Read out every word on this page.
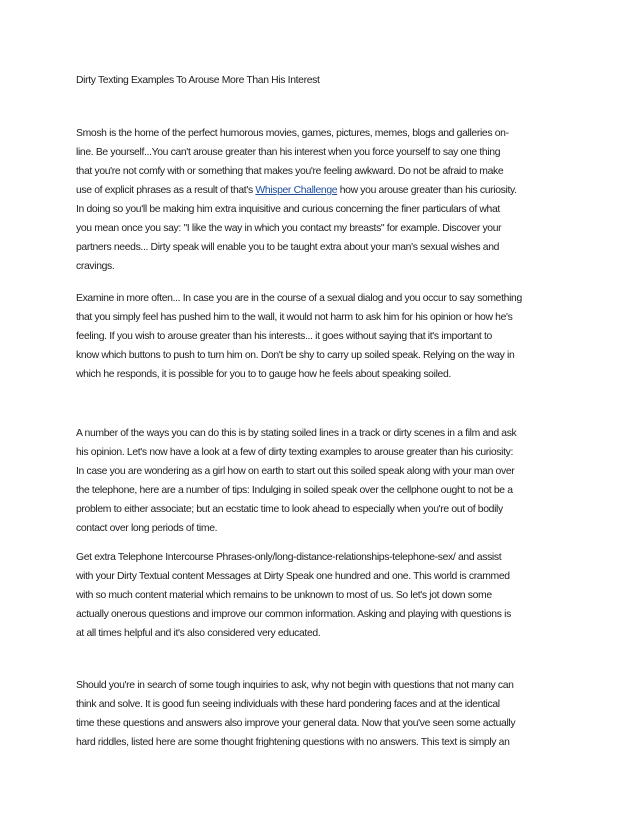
Dirty Texting Examples To Arouse More Than His Interest
Smosh is the home of the perfect humorous movies, games, pictures, memes, blogs and galleries on-
line. Be yourself...You can't arouse greater than his interest when you force yourself to say one thing
that you're not comfy with or something that makes you're feeling awkward. Do not be afraid to make
use of explicit phrases as a result of that's Whisper Challenge how you arouse greater than his curiosity.
In doing so you'll be making him extra inquisitive and curious concerning the finer particulars of what
you mean once you say: "I like the way in which you contact my breasts" for example. Discover your
partners needs... Dirty speak will enable you to be taught extra about your man's sexual wishes and
cravings.
Examine in more often... In case you are in the course of a sexual dialog and you occur to say something
that you simply feel has pushed him to the wall, it would not harm to ask him for his opinion or how he's
feeling. If you wish to arouse greater than his interests... it goes without saying that it's important to
know which buttons to push to turn him on. Don't be shy to carry up soiled speak. Relying on the way in
which he responds, it is possible for you to to gauge how he feels about speaking soiled.
A number of the ways you can do this is by stating soiled lines in a track or dirty scenes in a film and ask
his opinion. Let's now have a look at a few of dirty texting examples to arouse greater than his curiosity:
In case you are wondering as a girl how on earth to start out this soiled speak along with your man over
the telephone, here are a number of tips: Indulging in soiled speak over the cellphone ought to not be a
problem to either associate; but an ecstatic time to look ahead to especially when you're out of bodily
contact over long periods of time.
Get extra Telephone Intercourse Phrases-only/long-distance-relationships-telephone-sex/ and assist
with your Dirty Textual content Messages at Dirty Speak one hundred and one. This world is crammed
with so much content material which remains to be unknown to most of us. So let's jot down some
actually onerous questions and improve our common information. Asking and playing with questions is
at all times helpful and it's also considered very educated.
Should you're in search of some tough inquiries to ask, why not begin with questions that not many can
think and solve. It is good fun seeing individuals with these hard pondering faces and at the identical
time these questions and answers also improve your general data. Now that you've seen some actually
hard riddles, listed here are some thought frightening questions with no answers. This text is simply an
